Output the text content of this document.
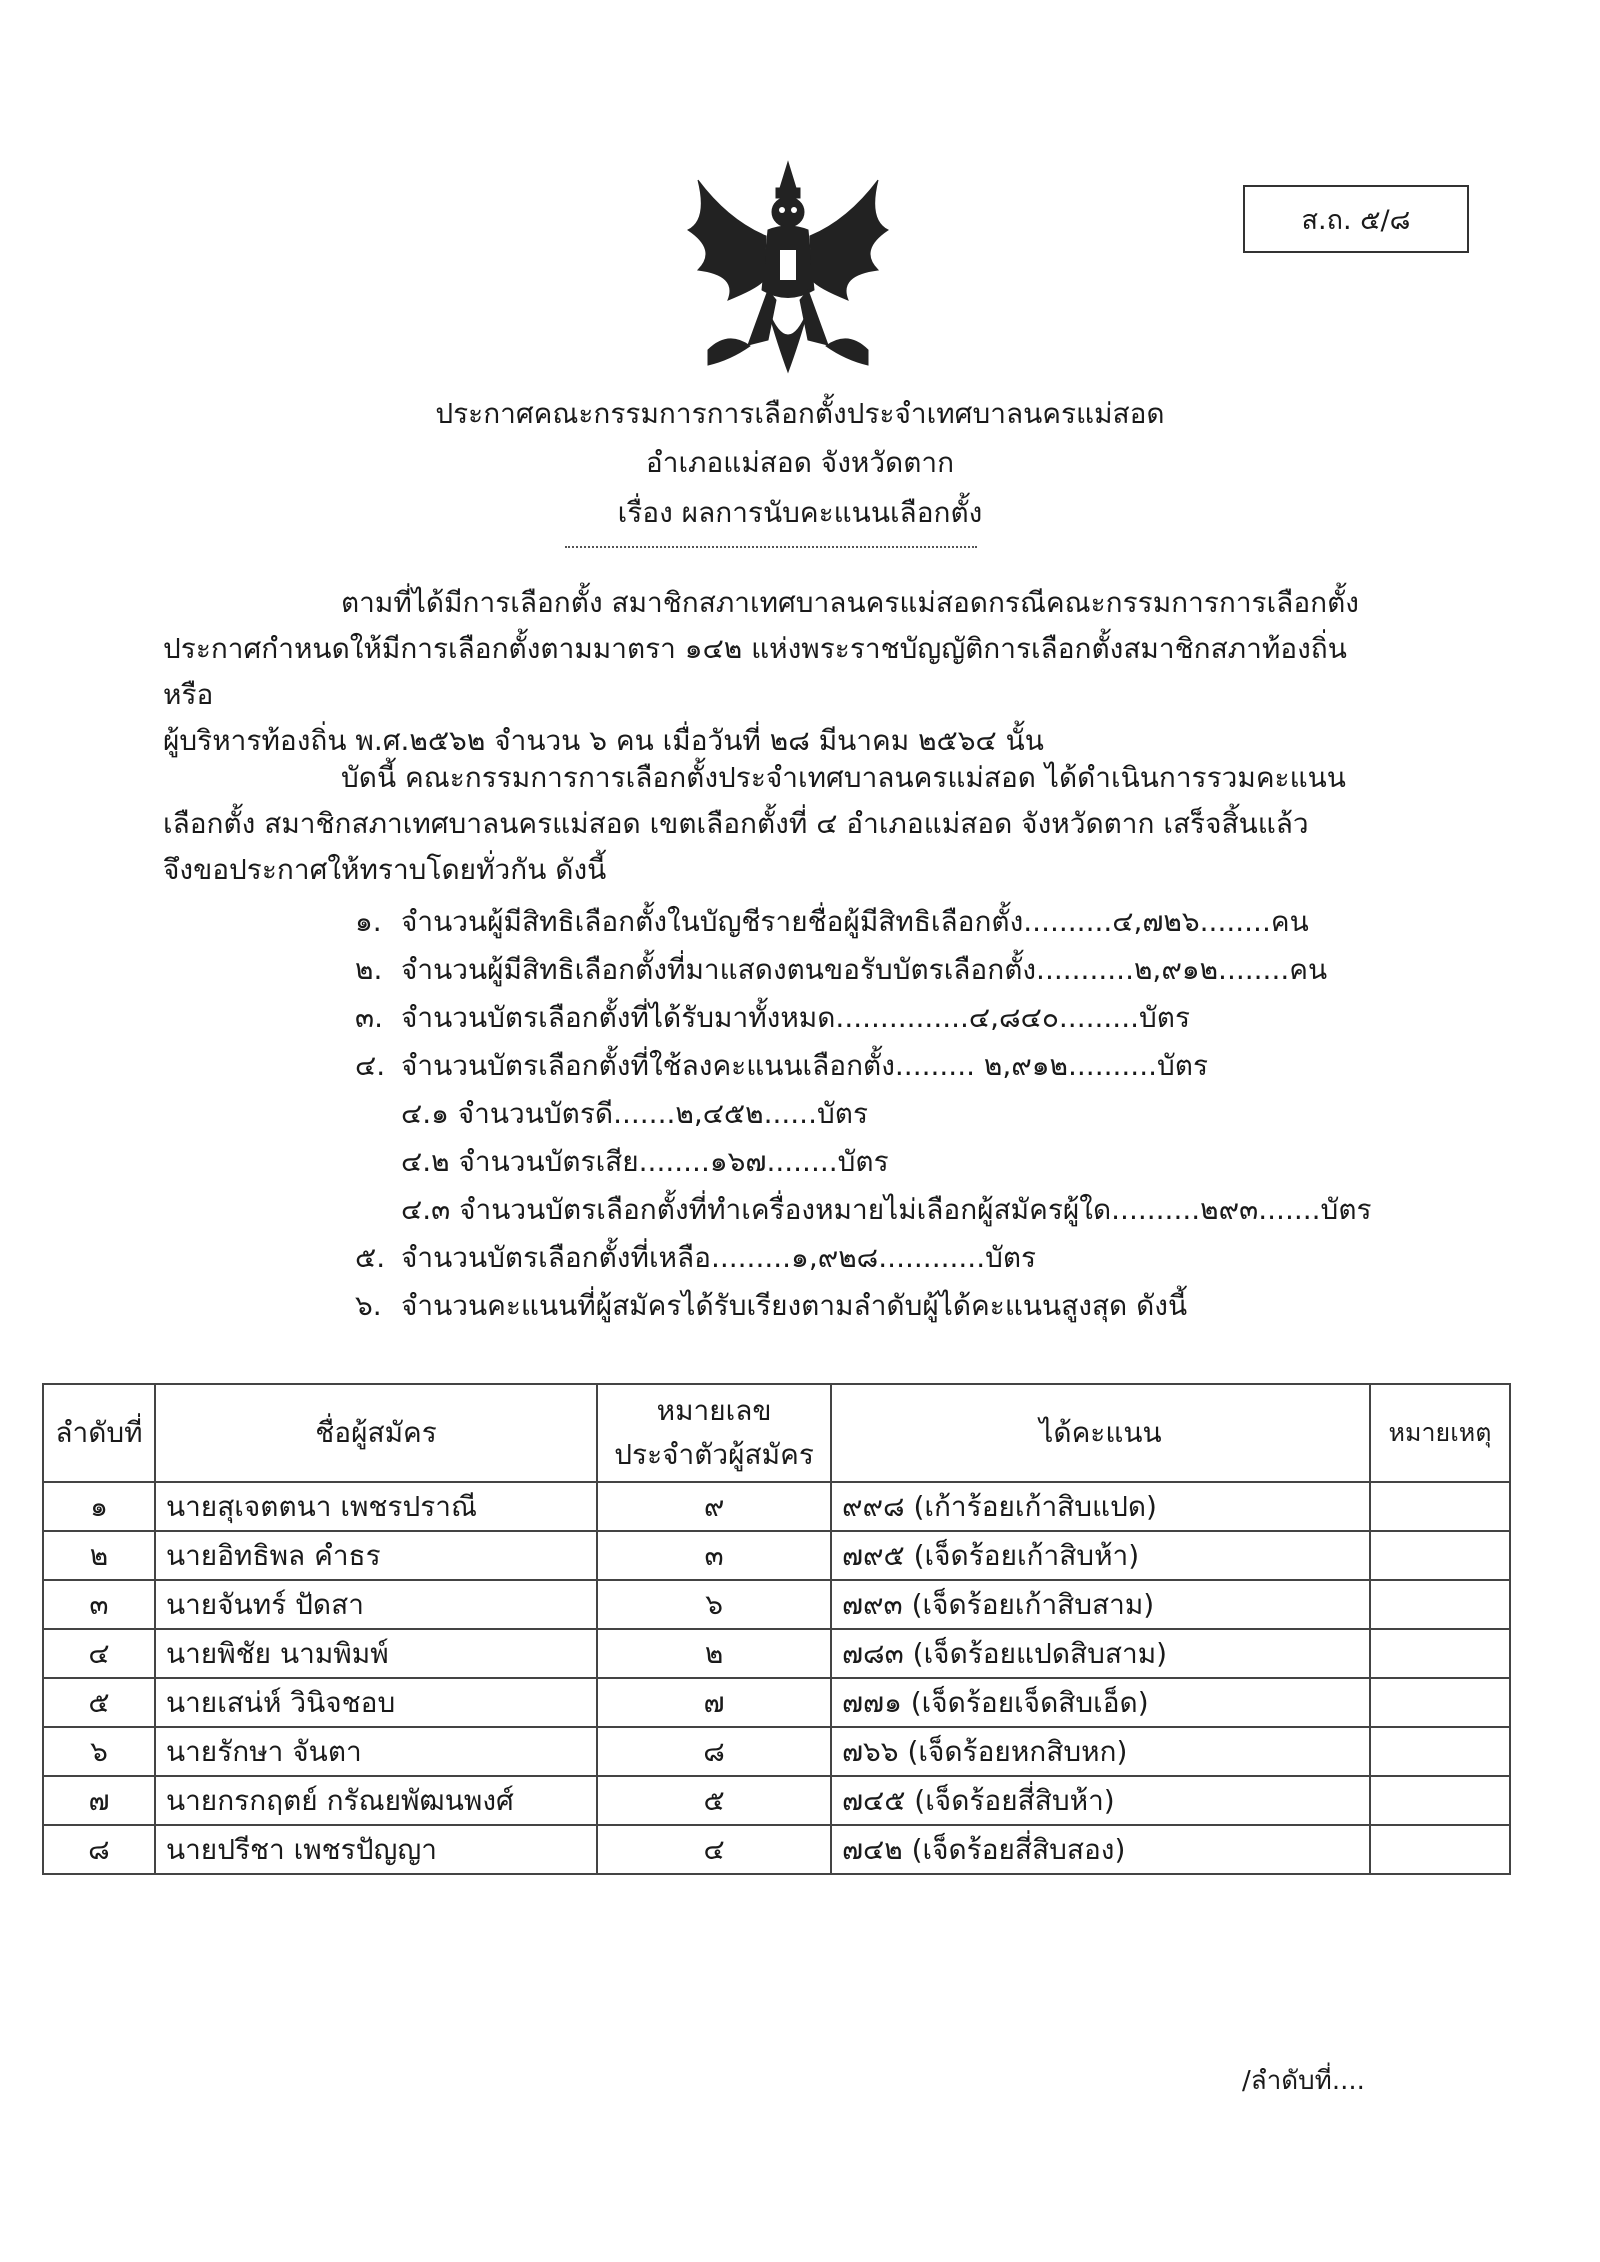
ส.ถ. ๕/๘
ประกาศคณะกรรมการการเลือกตั้งประจำเทศบาลนครแม่สอด
อำเภอแม่สอด จังหวัดตาก
เรื่อง ผลการนับคะแนนเลือกตั้ง

ตามที่ได้มีการเลือกตั้ง สมาชิกสภาเทศบาลนครแม่สอดกรณีคณะกรรมการการเลือกตั้ง

ประกาศกำหนดให้มีการเลือกตั้งตามมาตรา ๑๔๒ แห่งพระราชบัญญัติการเลือกตั้งสมาชิกสภาท้องถิ่นหรือ

ผู้บริหารท้องถิ่น พ.ศ.๒๕๖๒ จำนวน ๖ คน เมื่อวันที่ ๒๘ มีนาคม ๒๕๖๔ นั้น

บัดนี้ คณะกรรมการการเลือกตั้งประจำเทศบาลนครแม่สอด ได้ดำเนินการรวมคะแนน

เลือกตั้ง สมาชิกสภาเทศบาลนครแม่สอด เขตเลือกตั้งที่ ๔ อำเภอแม่สอด จังหวัดตาก เสร็จสิ้นแล้ว

จึงขอประกาศให้ทราบโดยทั่วกัน ดังนี้

๑. จำนวนผู้มีสิทธิเลือกตั้งในบัญชีรายชื่อผู้มีสิทธิเลือกตั้ง..........๔,๗๒๖........คน
๒. จำนวนผู้มีสิทธิเลือกตั้งที่มาแสดงตนขอรับบัตรเลือกตั้ง...........๒,๙๑๒........คน
๓. จำนวนบัตรเลือกตั้งที่ได้รับมาทั้งหมด...............๔,๘๔๐.........บัตร
๔. จำนวนบัตรเลือกตั้งที่ใช้ลงคะแนนเลือกตั้ง......... ๒,๙๑๒..........บัตร
๔.๑ จำนวนบัตรดี.......๒,๔๕๒......บัตร
๔.๒ จำนวนบัตรเสีย........๑๖๗........บัตร
๔.๓ จำนวนบัตรเลือกตั้งที่ทำเครื่องหมายไม่เลือกผู้สมัครผู้ใด..........๒๙๓.......บัตร
๕. จำนวนบัตรเลือกตั้งที่เหลือ.........๑,๙๒๘............บัตร
๖. จำนวนคะแนนที่ผู้สมัครได้รับเรียงตามลำดับผู้ได้คะแนนสูงสุด ดังนี้
ลำดับที่	ชื่อผู้สมัคร	หมายเลข
ประจำตัวผู้สมัคร	ได้คะแนน	หมายเหตุ
๑	นายสุเจตตนา เพชรปราณี	๙	๙๙๘ (เก้าร้อยเก้าสิบแปด)	
๒	นายอิทธิพล คำธร	๓	๗๙๕ (เจ็ดร้อยเก้าสิบห้า)	
๓	นายจันทร์ ปัดสา	๖	๗๙๓ (เจ็ดร้อยเก้าสิบสาม)	
๔	นายพิชัย นามพิมพ์	๒	๗๘๓ (เจ็ดร้อยแปดสิบสาม)	
๕	นายเสน่ห์ วินิจชอบ	๗	๗๗๑ (เจ็ดร้อยเจ็ดสิบเอ็ด)	
๖	นายรักษา จันตา	๘	๗๖๖ (เจ็ดร้อยหกสิบหก)	
๗	นายกรกฤตย์ กรัณยพัฒนพงศ์	๕	๗๔๕ (เจ็ดร้อยสี่สิบห้า)	
๘	นายปรีชา เพชรปัญญา	๔	๗๔๒ (เจ็ดร้อยสี่สิบสอง)	
/ลำดับที่....
